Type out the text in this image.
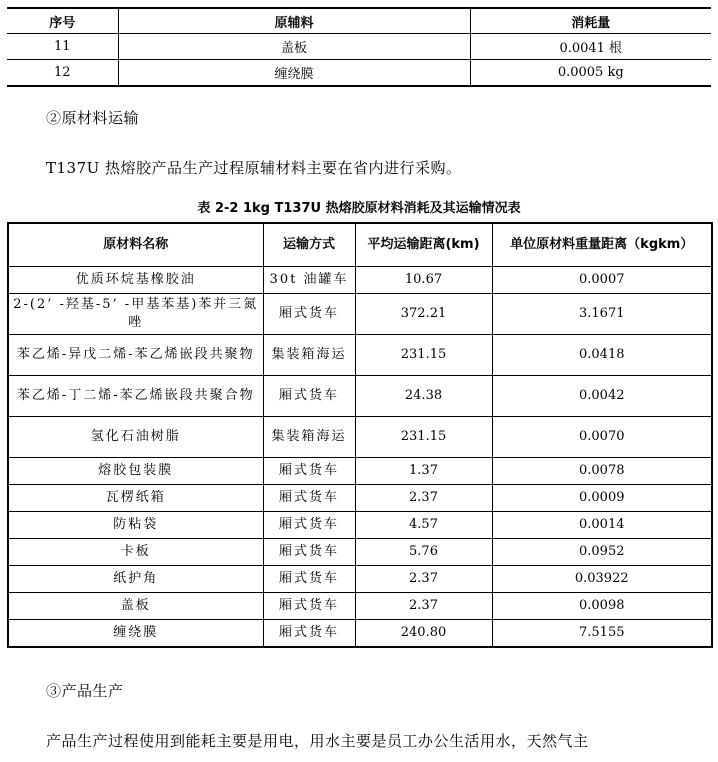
序号	原辅料	消耗量
11	盖板	0.0041 根
12	缠绕膜	0.0005 kg
②原材料运输
T137U 热熔胶产品生产过程原辅材料主要在省内进行采购。
表 2-2 1kg T137U 热熔胶原材料消耗及其运输情况表
原材料名称	运输方式	平均运输距离(km)	单位原材料重量距离（kgkm）
优质环烷基橡胶油	30t 油罐车	10.67	0.0007
2-(2’ -羟基-5’ -甲基苯基)苯并三氮唑	厢式货车	372.21	3.1671
苯乙烯-异戊二烯-苯乙烯嵌段共聚物	集装箱海运	231.15	0.0418
苯乙烯-丁二烯-苯乙烯嵌段共聚合物	厢式货车	24.38	0.0042
氢化石油树脂	集装箱海运	231.15	0.0070
熔胶包装膜	厢式货车	1.37	0.0078
瓦楞纸箱	厢式货车	2.37	0.0009
防粘袋	厢式货车	4.57	0.0014
卡板	厢式货车	5.76	0.0952
纸护角	厢式货车	2.37	0.03922
盖板	厢式货车	2.37	0.0098
缠绕膜	厢式货车	240.80	7.5155
③产品生产
产品生产过程使用到能耗主要是用电，用水主要是员工办公生活用水，天然气主
